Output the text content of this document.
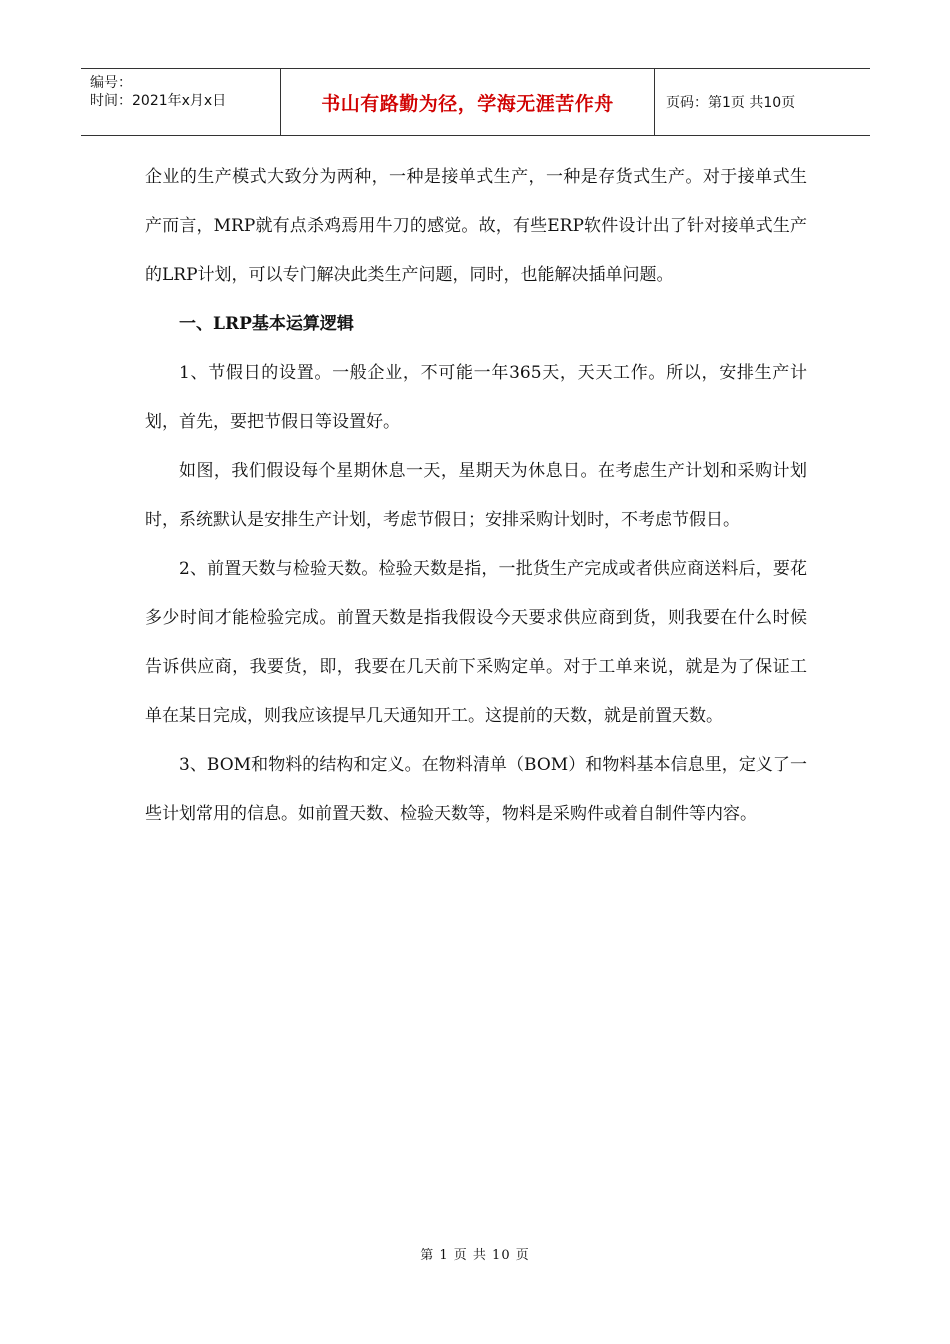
编号：
时间：2021年x月x日	书山有路勤为径，学海无涯苦作舟	页码：第1页 共10页

企业的生产模式大致分为两种，一种是接单式生产，一种是存货式生产。对于接单式生产而言，MRP就有点杀鸡焉用牛刀的感觉。故，有些ERP软件设计出了针对接单式生产的LRP计划，可以专门解决此类生产问题，同时，也能解决插单问题。

一、LRP基本运算逻辑

1、节假日的设置。一般企业，不可能一年365天，天天工作。所以，安排生产计划，首先，要把节假日等设置好。

如图，我们假设每个星期休息一天，星期天为休息日。在考虑生产计划和采购计划时，系统默认是安排生产计划，考虑节假日；安排采购计划时，不考虑节假日。

2、前置天数与检验天数。检验天数是指，一批货生产完成或者供应商送料后，要花多少时间才能检验完成。前置天数是指我假设今天要求供应商到货，则我要在什么时候告诉供应商，我要货，即，我要在几天前下采购定单。对于工单来说，就是为了保证工单在某日完成，则我应该提早几天通知开工。这提前的天数，就是前置天数。

3、BOM和物料的结构和定义。在物料清单（BOM）和物料基本信息里，定义了一些计划常用的信息。如前置天数、检验天数等，物料是采购件或着自制件等内容。

第 1 页 共 10 页
